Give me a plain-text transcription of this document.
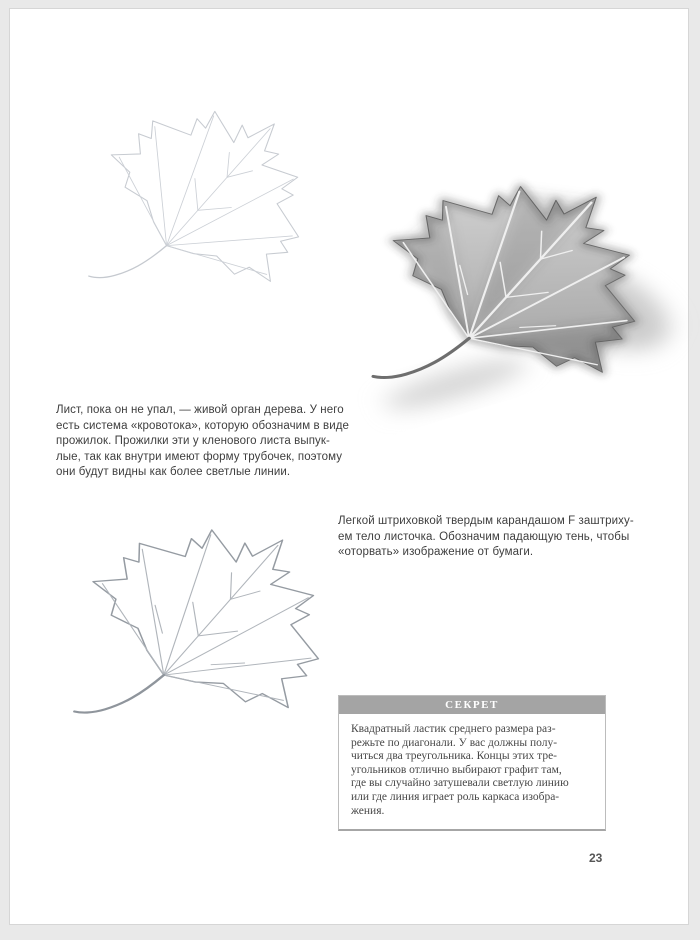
Лист, пока он не упал, — живой орган дерева. У него
есть система «кровотока», которую обозначим в виде
прожилок. Прожилки эти у кленового листа выпук-
лые, так как внутри имеют форму трубочек, поэтому
они будут видны как более светлые линии.
Легкой штриховкой твердым карандашом F заштриху-
ем тело листочка. Обозначим падающую тень, чтобы
«оторвать» изображение от бумаги.
СЕКРЕТ
Квадратный ластик среднего размера раз-
режьте по диагонали. У вас должны полу-
читься два треугольника. Концы этих тре-
угольников отлично выбирают графит там,
где вы случайно затушевали светлую линию
или где линия играет роль каркаса изобра-
жения.
23
